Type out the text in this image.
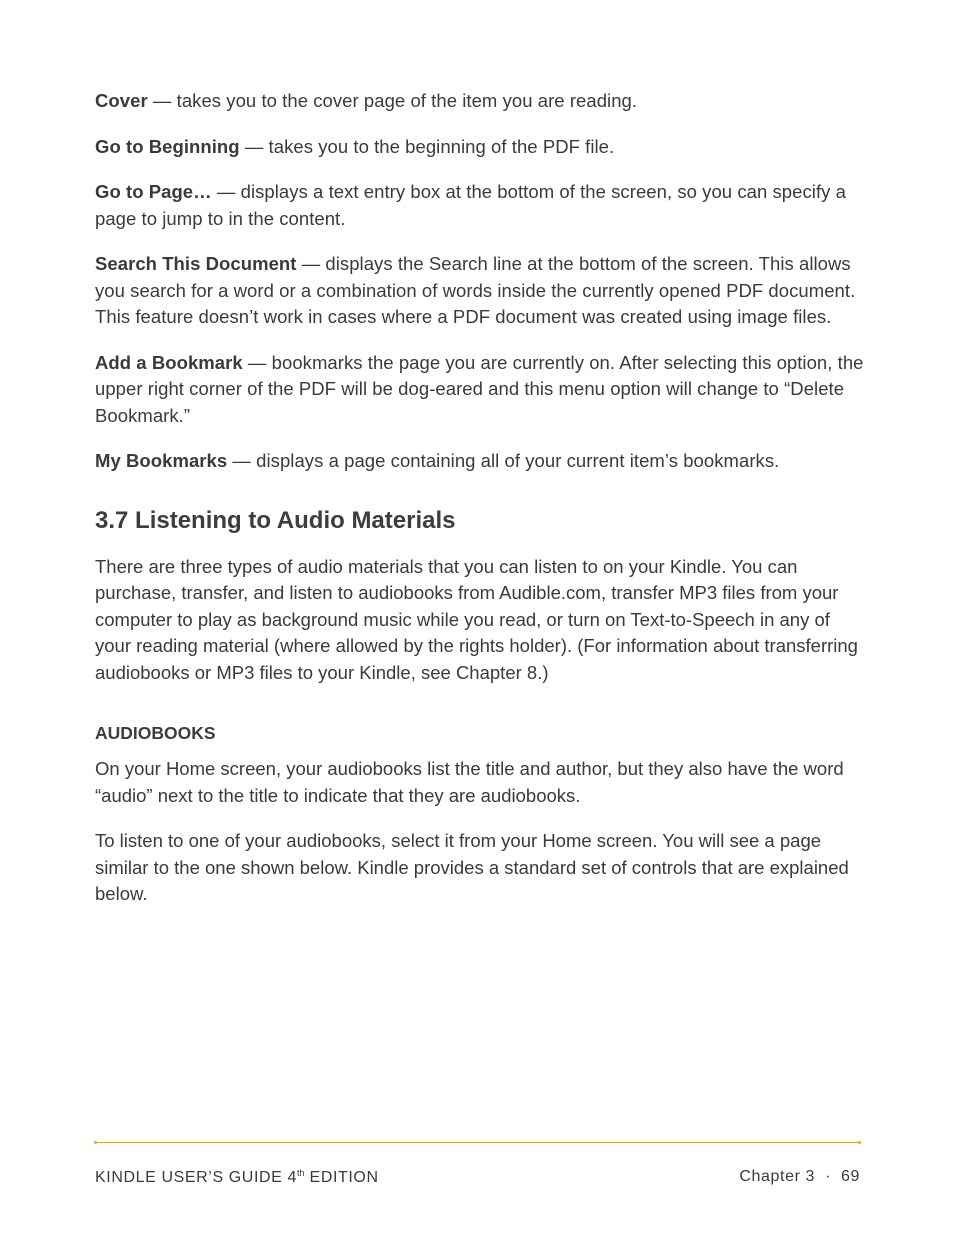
Cover — takes you to the cover page of the item you are reading.

Go to Beginning — takes you to the beginning of the PDF file.

Go to Page… — displays a text entry box at the bottom of the screen, so you can specify a page to jump to in the content.

Search This Document — displays the Search line at the bottom of the screen. This allows you search for a word or a combination of words inside the currently opened PDF document. This feature doesn’t work in cases where a PDF document was created using image files.

Add a Bookmark — bookmarks the page you are currently on. After selecting this option, the upper right corner of the PDF will be dog-eared and this menu option will change to “Delete Bookmark.”

My Bookmarks — displays a page containing all of your current item’s bookmarks.

3.7 Listening to Audio Materials

There are three types of audio materials that you can listen to on your Kindle. You can purchase, transfer, and listen to audiobooks from Audible.com, transfer MP3 files from your computer to play as background music while you read, or turn on Text-to-Speech in any of your reading material (where allowed by the rights holder). (For information about transferring audiobooks or MP3 files to your Kindle, see Chapter 8.)

AUDIOBOOKS

On your Home screen, your audiobooks list the title and author, but they also have the word “audio” next to the title to indicate that they are audiobooks.

To listen to one of your audiobooks, select it from your Home screen. You will see a page similar to the one shown below. Kindle provides a standard set of controls that are explained below.

KINDLE USER’S GUIDE 4th EDITION	Chapter 3 · 69
